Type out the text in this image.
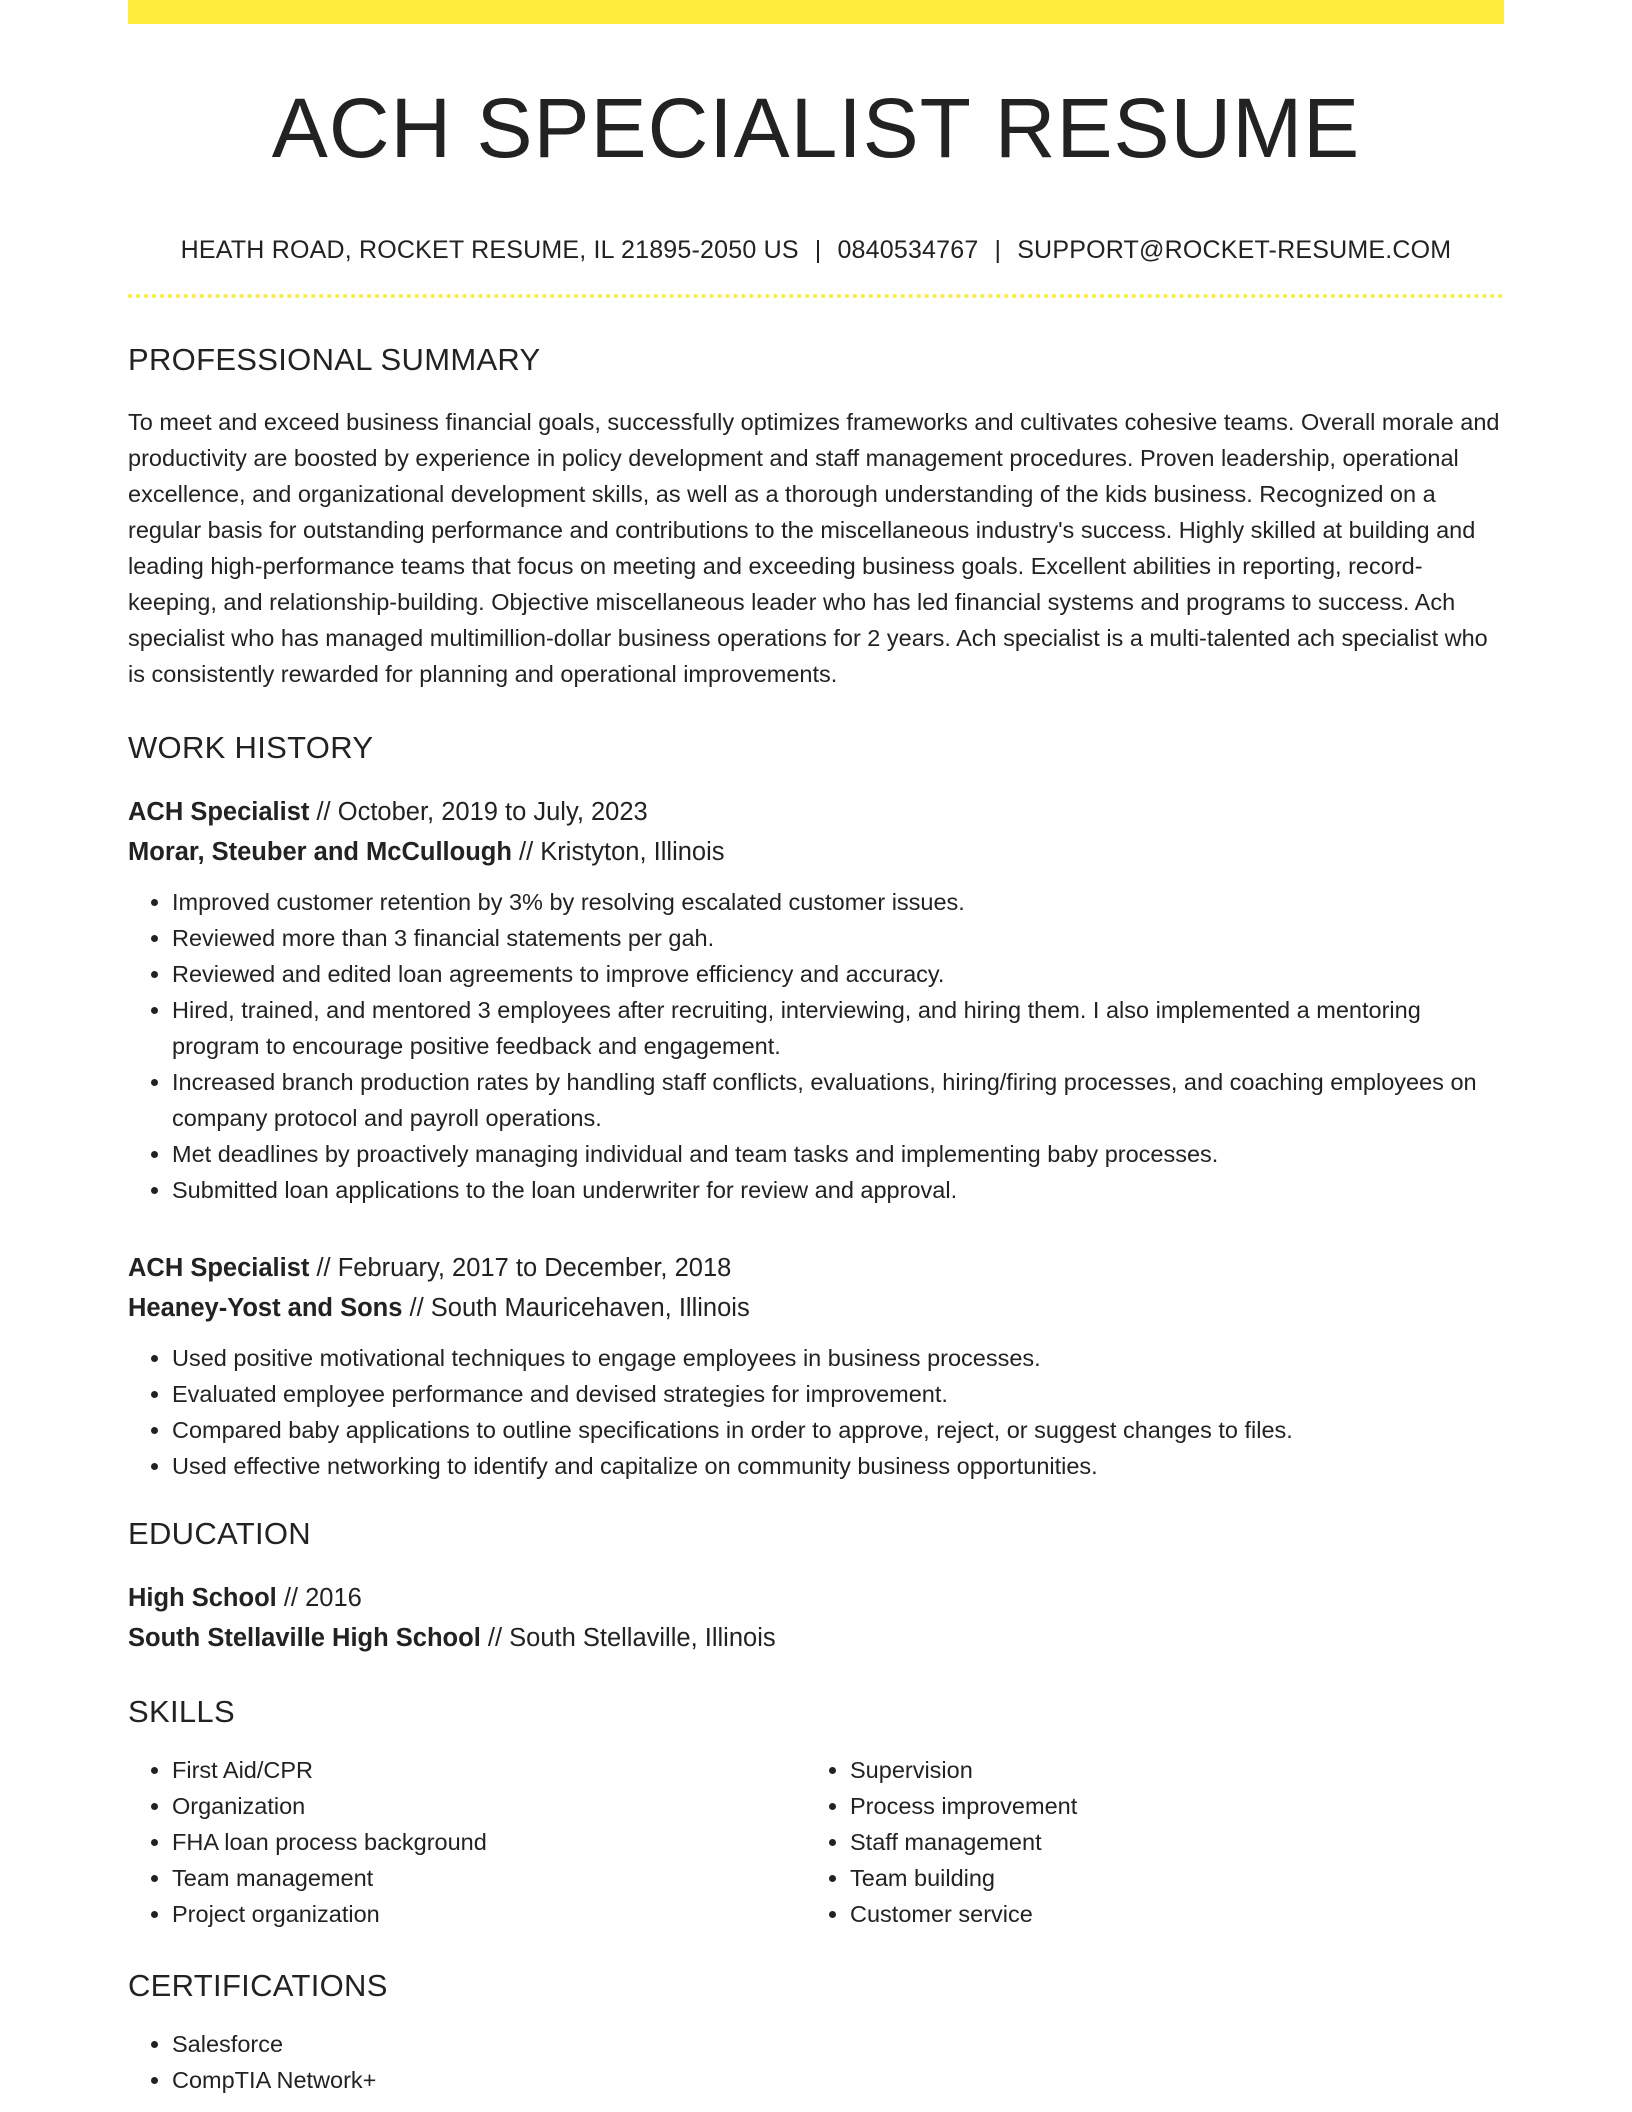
ACH SPECIALIST RESUME
HEATH ROAD, ROCKET RESUME, IL 21895-2050 US | 0840534767 | SUPPORT@ROCKET-RESUME.COM
PROFESSIONAL SUMMARY
To meet and exceed business financial goals, successfully optimizes frameworks and cultivates cohesive teams. Overall morale and productivity are boosted by experience in policy development and staff management procedures. Proven leadership, operational excellence, and organizational development skills, as well as a thorough understanding of the kids business. Recognized on a regular basis for outstanding performance and contributions to the miscellaneous industry's success. Highly skilled at building and leading high-performance teams that focus on meeting and exceeding business goals. Excellent abilities in reporting, record-keeping, and relationship-building. Objective miscellaneous leader who has led financial systems and programs to success. Ach specialist who has managed multimillion-dollar business operations for 2 years. Ach specialist is a multi-talented ach specialist who is consistently rewarded for planning and operational improvements.
WORK HISTORY
ACH Specialist // October, 2019 to July, 2023
Morar, Steuber and McCullough // Kristyton, Illinois
• Improved customer retention by 3% by resolving escalated customer issues.
• Reviewed more than 3 financial statements per gah.
• Reviewed and edited loan agreements to improve efficiency and accuracy.
• Hired, trained, and mentored 3 employees after recruiting, interviewing, and hiring them. I also implemented a mentoring program to encourage positive feedback and engagement.
• Increased branch production rates by handling staff conflicts, evaluations, hiring/firing processes, and coaching employees on company protocol and payroll operations.
• Met deadlines by proactively managing individual and team tasks and implementing baby processes.
• Submitted loan applications to the loan underwriter for review and approval.
ACH Specialist // February, 2017 to December, 2018
Heaney-Yost and Sons // South Mauricehaven, Illinois
• Used positive motivational techniques to engage employees in business processes.
• Evaluated employee performance and devised strategies for improvement.
• Compared baby applications to outline specifications in order to approve, reject, or suggest changes to files.
• Used effective networking to identify and capitalize on community business opportunities.
EDUCATION
High School // 2016
South Stellaville High School // South Stellaville, Illinois
SKILLS
• First Aid/CPR
• Organization
• FHA loan process background
• Team management
• Project organization
• Supervision
• Process improvement
• Staff management
• Team building
• Customer service
CERTIFICATIONS
• Salesforce
• CompTIA Network+
